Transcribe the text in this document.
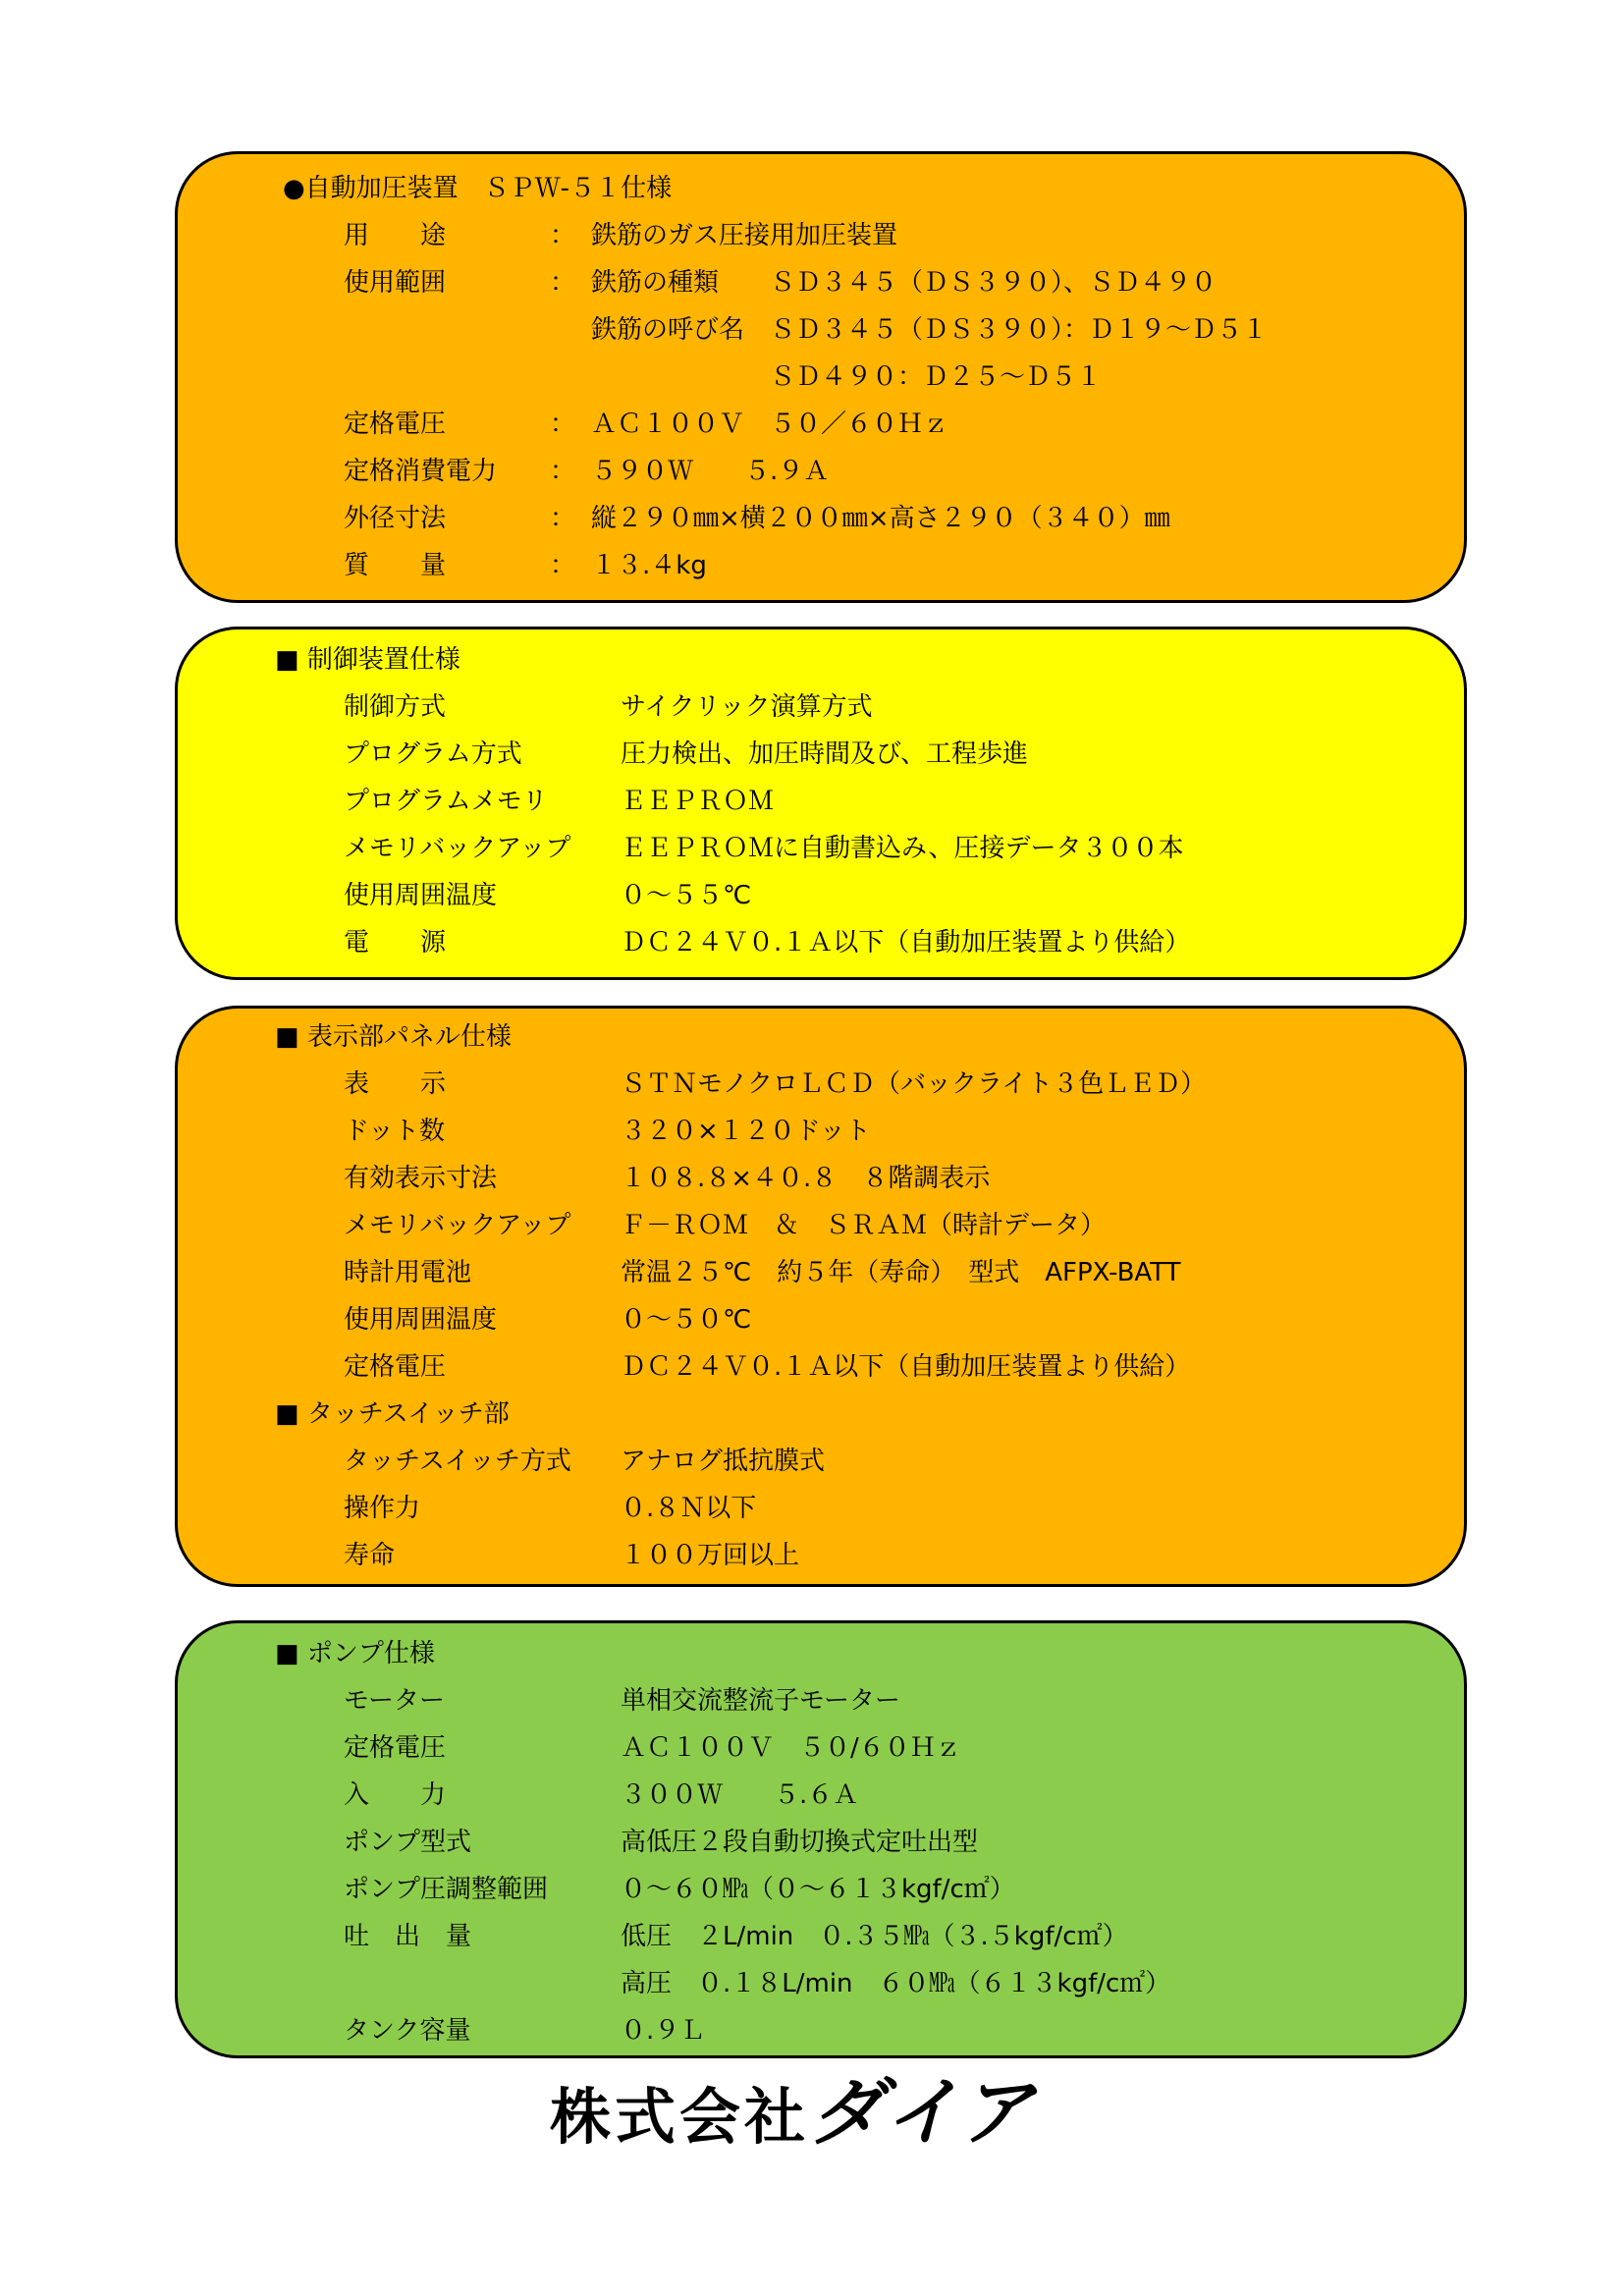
●自動加圧装置　ＳＰＷ-５１仕様
用　　途	： 鉄筋のガス圧接用加圧装置
使用範囲	： 鉄筋の種類　　ＳＤ３４５（ＤＳ３９０）、ＳＤ４９０
鉄筋の呼び名　ＳＤ３４５（ＤＳ３９０）：Ｄ１９～Ｄ５１
　　　　　　　ＳＤ４９０：Ｄ２５～Ｄ５１
定格電圧	： ＡＣ１００Ｖ　５０／６０Ｈｚ
定格消費電力 ： ５９０Ｗ　　５.９Ａ
外径寸法	： 縦２９０㎜×横２００㎜×高さ２９０（３４０）㎜
質　　量	： １３.４kg
■ 制御装置仕様
制御方式	サイクリック演算方式
プログラム方式	圧力検出、加圧時間及び、工程歩進
プログラムメモリ	ＥＥＰＲＯＭ
メモリバックアップ ＥＥＰＲＯＭに自動書込み、圧接データ３００本
使用周囲温度	０～５５℃
電　　源	ＤＣ２４Ｖ０.１Ａ以下（自動加圧装置より供給）
■ 表示部パネル仕様
表　　示	ＳＴＮモノクロＬＣＤ（バックライト３色ＬＥＤ）
ドット数	３２０×１２０ドット
有効表示寸法	１０８.８×４０.８　８階調表示
メモリバックアップ Ｆ－ＲＯＭ　＆　ＳＲＡＭ（時計データ）
時計用電池	常温２５℃　約５年（寿命）　型式　AFPX-BATT
使用周囲温度	０～５０℃
定格電圧	ＤＣ２４Ｖ０.１Ａ以下（自動加圧装置より供給）
■ タッチスイッチ部
タッチスイッチ方式 アナログ抵抗膜式
操作力	０.８Ｎ以下
寿命	１００万回以上
■ ポンプ仕様
モーター	単相交流整流子モーター
定格電圧	ＡＣ１００Ｖ　５０/６０Ｈｚ
入　　力	３００Ｗ　　５.６Ａ
ポンプ型式	高低圧２段自動切換式定吐出型
ポンプ圧調整範囲	０～６０㎫（０～６１３kgf/c㎡）
吐　出　量	低圧　２L/min　０.３５㎫（３.５kgf/c㎡）
高圧　０.１８L/min　６０㎫（６１３kgf/c㎡）
タンク容量	０.９Ｌ
株式会社ダイア
